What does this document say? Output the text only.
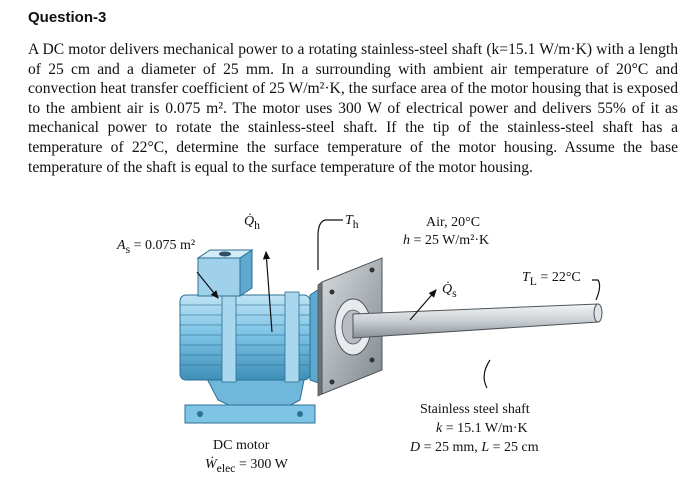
Question-3
A DC motor delivers mechanical power to a rotating stainless-steel shaft (k=15.1 W/m·K) with a length of 25 cm and a diameter of 25 mm. In a surrounding with ambient air temperature of 20°C and convection heat transfer coefficient of 25 W/m²·K, the surface area of the motor housing that is exposed to the ambient air is 0.075 m². The motor uses 300 W of electrical power and delivers 55% of it as mechanical power to rotate the stainless-steel shaft. If the tip of the stainless-steel shaft has a temperature of 22°C, determine the surface temperature of the motor housing. Assume the base temperature of the shaft is equal to the surface temperature of the motor housing.
$A_s = 0.075$ m²
$Q̇_h$	$T_h$	Air, 20°C
h = 25 W/m²·K
$Q̇_s$
$T_L = 22^\circ C$
DC motor
Ẇ$_{elec}$ = 300 W
Stainless steel shaft
k = 15.1 W/m·K
D = 25 mm, L = 25 cm
